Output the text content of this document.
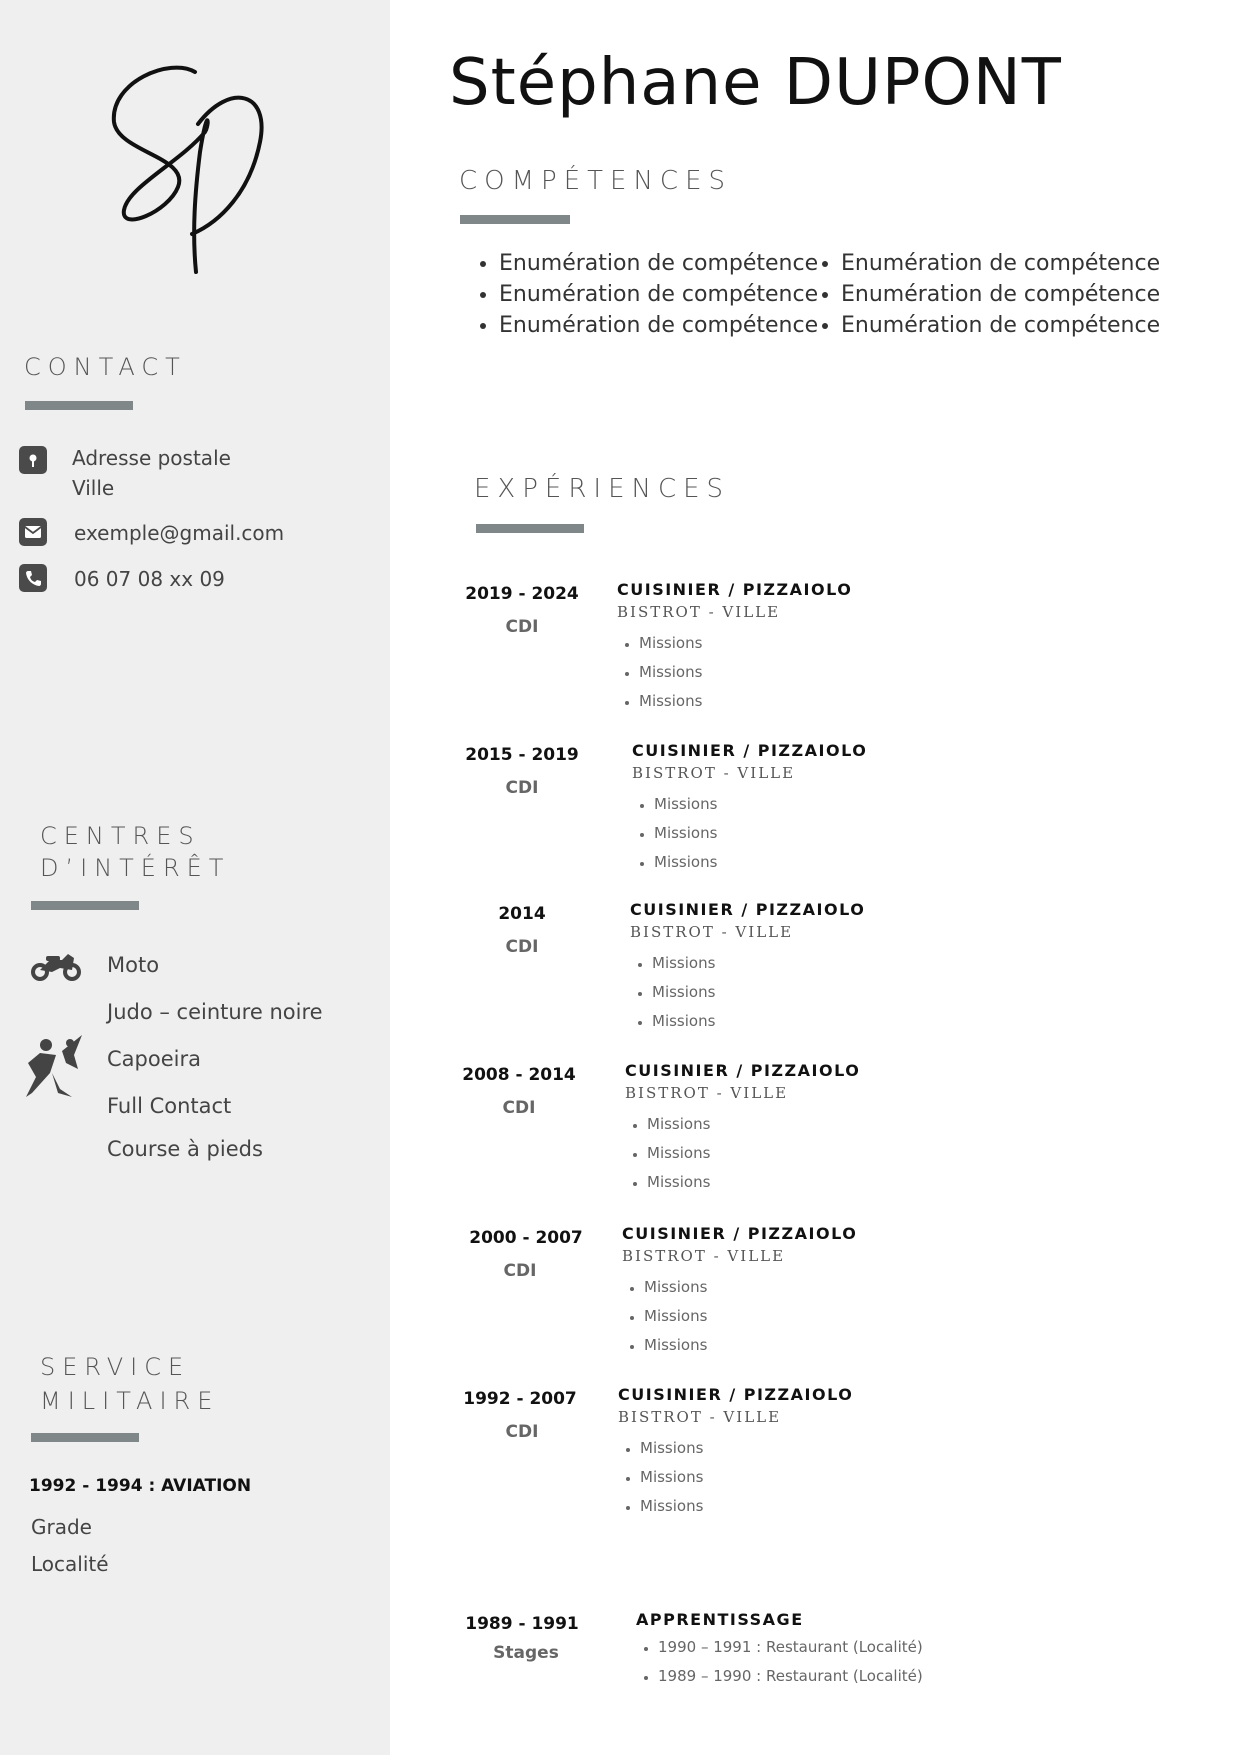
CONTACT
Adresse postale
Ville
exemple@gmail.com
06 07 08 xx 09
CENTRES
D’INTÉRÊT
Moto
Judo – ceinture noire
Capoeira
Full Contact
Course à pieds
SERVICE
MILITAIRE
1992 - 1994 : AVIATION
Grade
Localité
Stéphane DUPONT
COMPÉTENCES
• Enumération de compétence
• Enumération de compétence
• Enumération de compétence
• Enumération de compétence
• Enumération de compétence
• Enumération de compétence
EXPÉRIENCES
2019 - 2024
CDI
CUISINIER / PIZZAIOLO
BISTROT - VILLE
• Missions
• Missions
• Missions
2015 - 2019
CDI
CUISINIER / PIZZAIOLO
BISTROT - VILLE
• Missions
• Missions
• Missions
2014
CDI
CUISINIER / PIZZAIOLO
BISTROT - VILLE
• Missions
• Missions
• Missions
2008 - 2014
CDI
CUISINIER / PIZZAIOLO
BISTROT - VILLE
• Missions
• Missions
• Missions
2000 - 2007
CDI
CUISINIER / PIZZAIOLO
BISTROT - VILLE
• Missions
• Missions
• Missions
1992 - 2007
CDI
CUISINIER / PIZZAIOLO
BISTROT - VILLE
• Missions
• Missions
• Missions
1989 - 1991
Stages
APPRENTISSAGE
• 1990 – 1991 : Restaurant (Localité)
• 1989 – 1990 : Restaurant (Localité)
